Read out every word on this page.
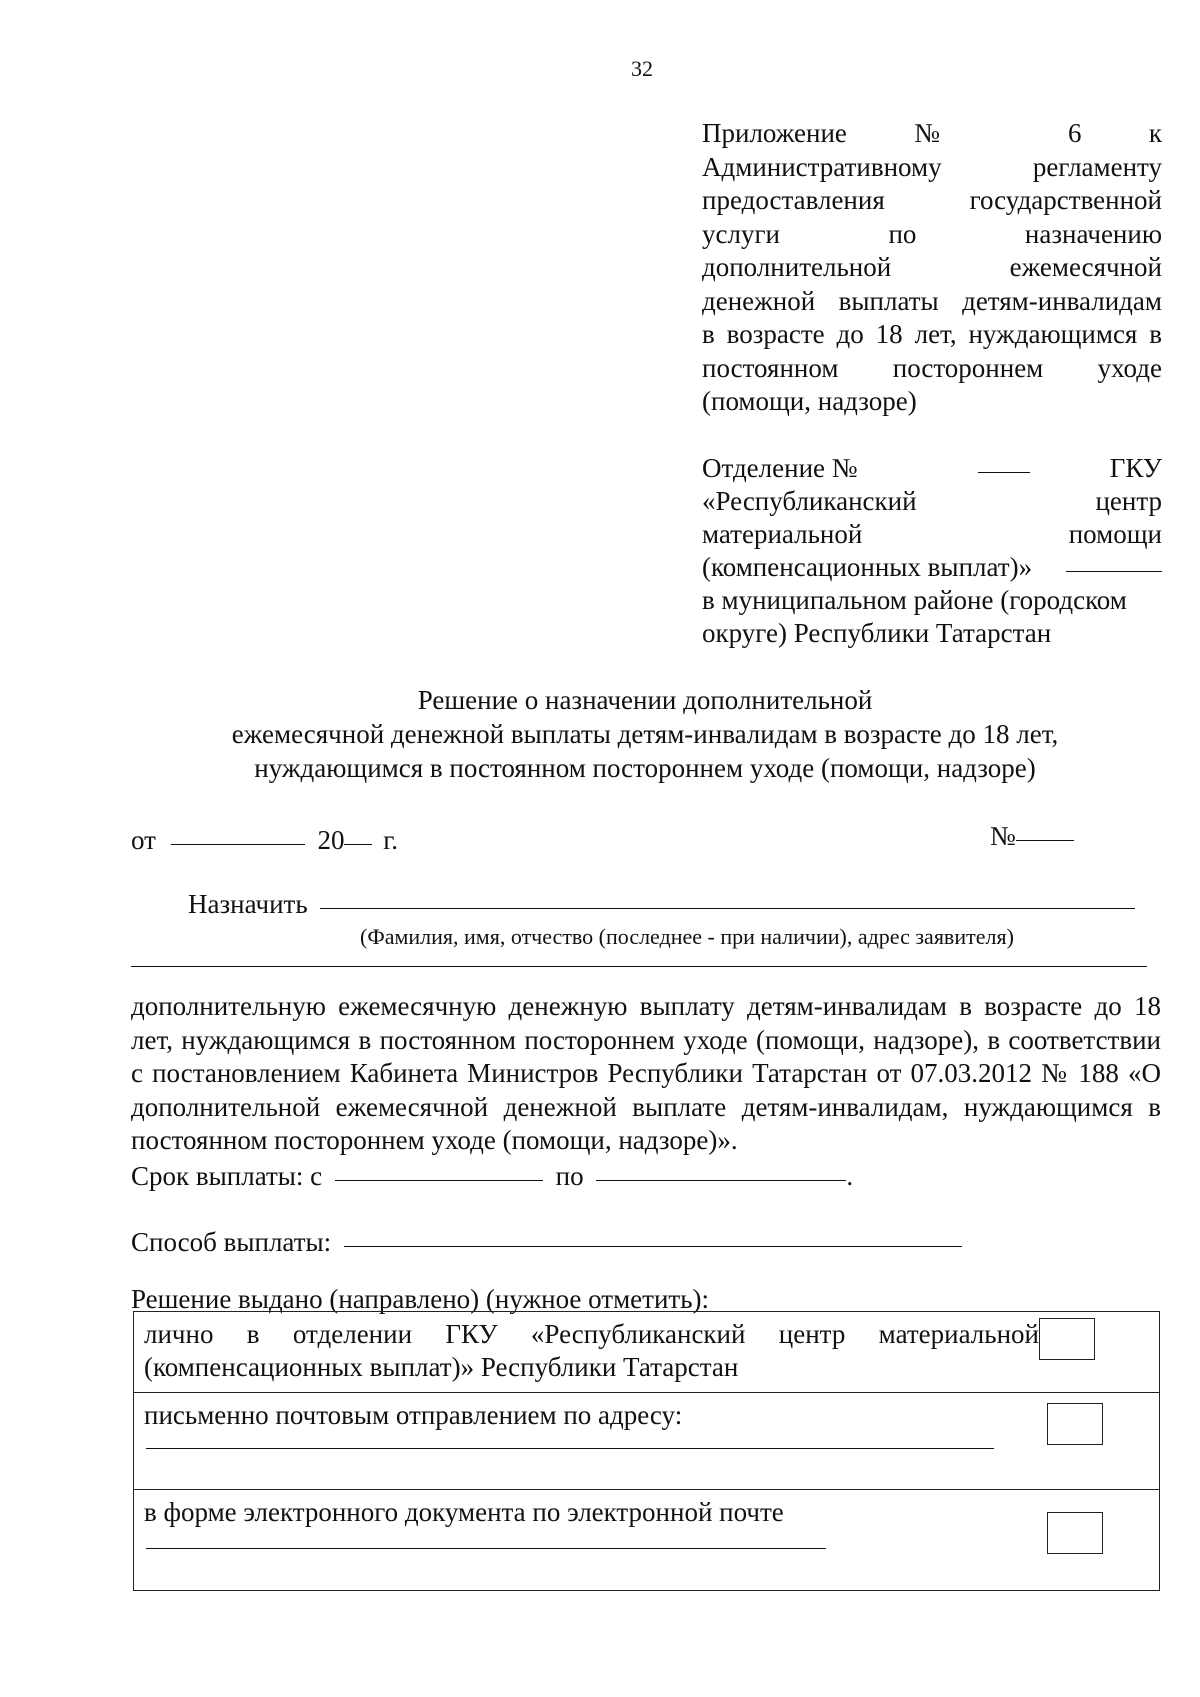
32
Приложение № 6 к
Административному регламенту
предоставления государственной
услуги по назначению
дополнительной ежемесячной
денежной выплаты детям-инвалидам
в возрасте до 18 лет, нуждающимся в
постоянном постороннем уходе
(помощи, надзоре)
Отделение №	ГКУ
«Республиканский	центр
материальной	помощи
(компенсационных выплат)»
в муниципальном районе (городском
округе) Республики Татарстан
Решение о назначении дополнительной
ежемесячной денежной выплаты детям-инвалидам в возрасте до 18 лет,
нуждающимся в постоянном постороннем уходе (помощи, надзоре)
от	20 г.	№
Назначить
(Фамилия, имя, отчество (последнее - при наличии), адрес заявителя)
дополнительную ежемесячную денежную выплату детям-инвалидам в возрасте до 18 лет, нуждающимся в постоянном постороннем уходе (помощи, надзоре), в соответствии с постановлением Кабинета Министров Республики Татарстан от 07.03.2012 № 188 «О дополнительной ежемесячной денежной выплате детям-инвалидам, нуждающимся в постоянном постороннем уходе (помощи, надзоре)».
Срок выплаты: с	по	.
Способ выплаты:
Решение выдано (направлено) (нужное отметить):
лично в отделении ГКУ «Республиканский центр материальной (компенсационных выплат)» Республики Татарстан

письменно почтовым отправлением по адресу:

в форме электронного документа по электронной почте
